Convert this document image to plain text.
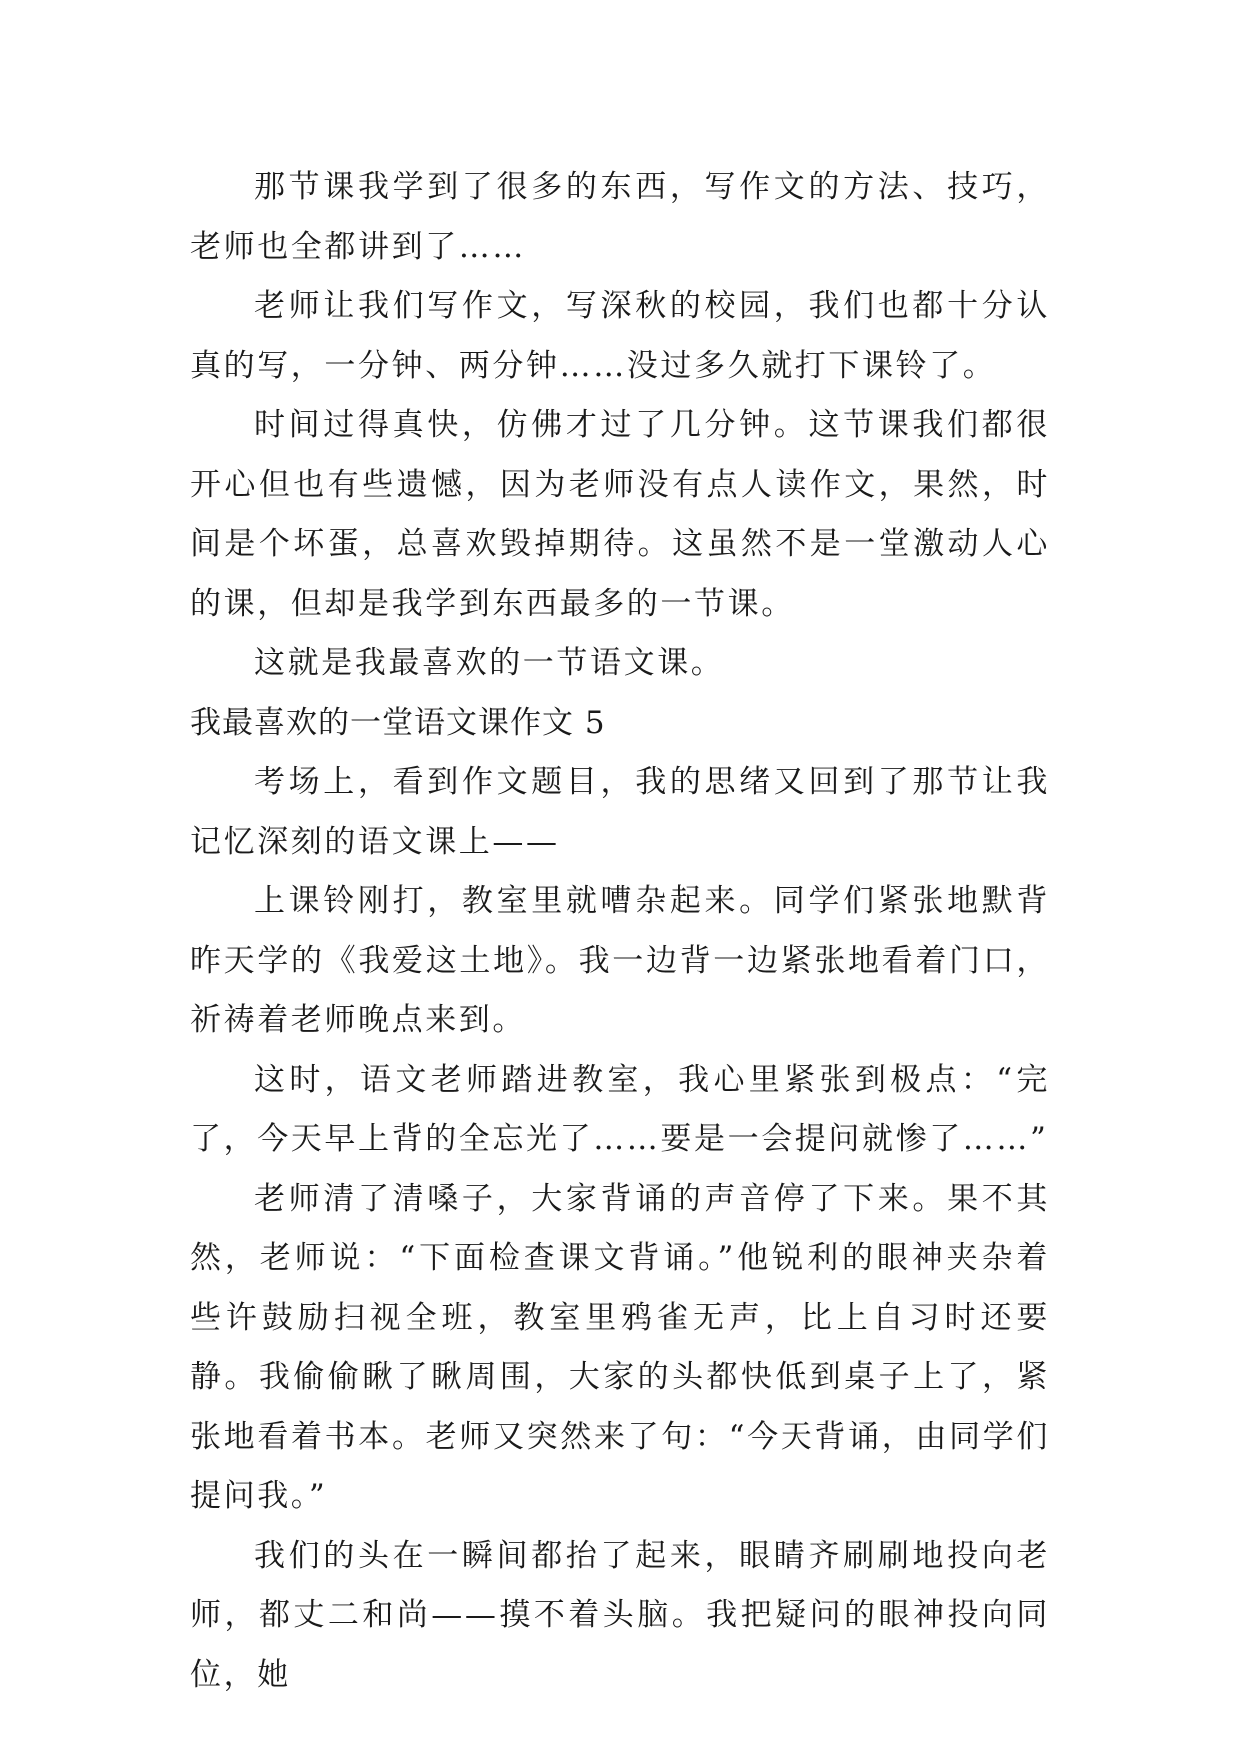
那节课我学到了很多的东西，写作文的方法、技巧，老师也全都讲到了……

老师让我们写作文，写深秋的校园，我们也都十分认真的写，一分钟、两分钟……没过多久就打下课铃了。

时间过得真快，仿佛才过了几分钟。这节课我们都很开心但也有些遗憾，因为老师没有点人读作文，果然，时间是个坏蛋，总喜欢毁掉期待。这虽然不是一堂激动人心的课，但却是我学到东西最多的一节课。

这就是我最喜欢的一节语文课。

我最喜欢的一堂语文课作文 5

考场上，看到作文题目，我的思绪又回到了那节让我记忆深刻的语文课上——

上课铃刚打，教室里就嘈杂起来。同学们紧张地默背昨天学的《我爱这土地》。我一边背一边紧张地看着门口，祈祷着老师晚点来到。

这时，语文老师踏进教室，我心里紧张到极点：“完了，今天早上背的全忘光了……要是一会提问就惨了……”

老师清了清嗓子，大家背诵的声音停了下来。果不其然，老师说：“下面检查课文背诵。”他锐利的眼神夹杂着些许鼓励扫视全班，教室里鸦雀无声，比上自习时还要静。我偷偷瞅了瞅周围，大家的头都快低到桌子上了，紧张地看着书本。老师又突然来了句：“今天背诵，由同学们提问我。”

我们的头在一瞬间都抬了起来，眼睛齐刷刷地投向老师，都丈二和尚——摸不着头脑。我把疑问的眼神投向同位，她
